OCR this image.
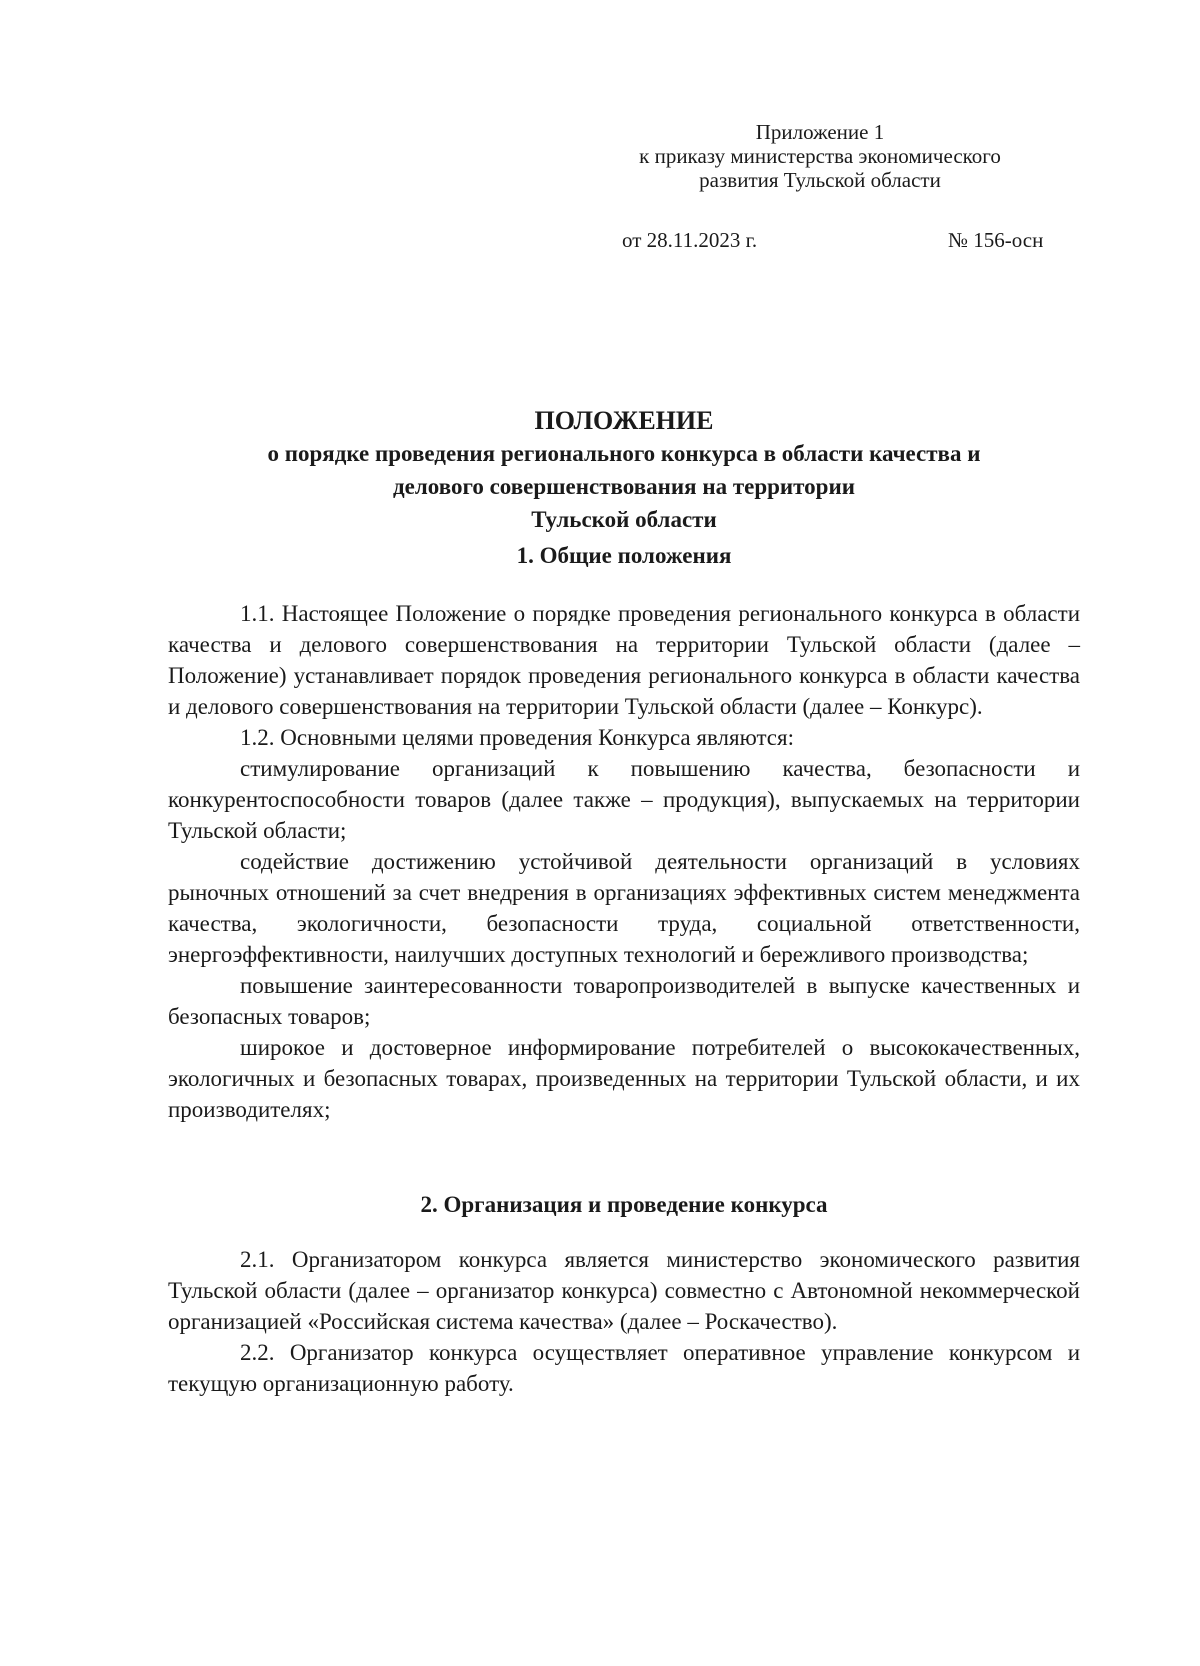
Приложение 1
к приказу министерства экономического
развития Тульской области
от 28.11.2023 г.	№ 156-осн
ПОЛОЖЕНИЕ
о порядке проведения регионального конкурса в области качества и
делового совершенствования на территории
Тульской области
1. Общие положения

1.1. Настоящее Положение о порядке проведения регионального конкурса в области качества и делового совершенствования на территории Тульской области (далее – Положение) устанавливает порядок проведения регионального конкурса в области качества и делового совершенствования на территории Тульской области (далее – Конкурс).

1.2. Основными целями проведения Конкурса являются:

стимулирование организаций к повышению качества, безопасности и конкурентоспособности товаров (далее также – продукция), выпускаемых на территории Тульской области;

содействие достижению устойчивой деятельности организаций в условиях рыночных отношений за счет внедрения в организациях эффективных систем менеджмента качества, экологичности, безопасности труда, социальной ответственности, энергоэффективности, наилучших доступных технологий и бережливого производства;

повышение заинтересованности товаропроизводителей в выпуске качественных и безопасных товаров;

широкое и достоверное информирование потребителей о высококачественных, экологичных и безопасных товарах, произведенных на территории Тульской области, и их производителях;

2. Организация и проведение конкурса

2.1. Организатором конкурса является министерство экономического развития Тульской области (далее – организатор конкурса) совместно с Автономной некоммерческой организацией «Российская система качества» (далее – Роскачество).

2.2. Организатор конкурса осуществляет оперативное управление конкурсом и текущую организационную работу.
